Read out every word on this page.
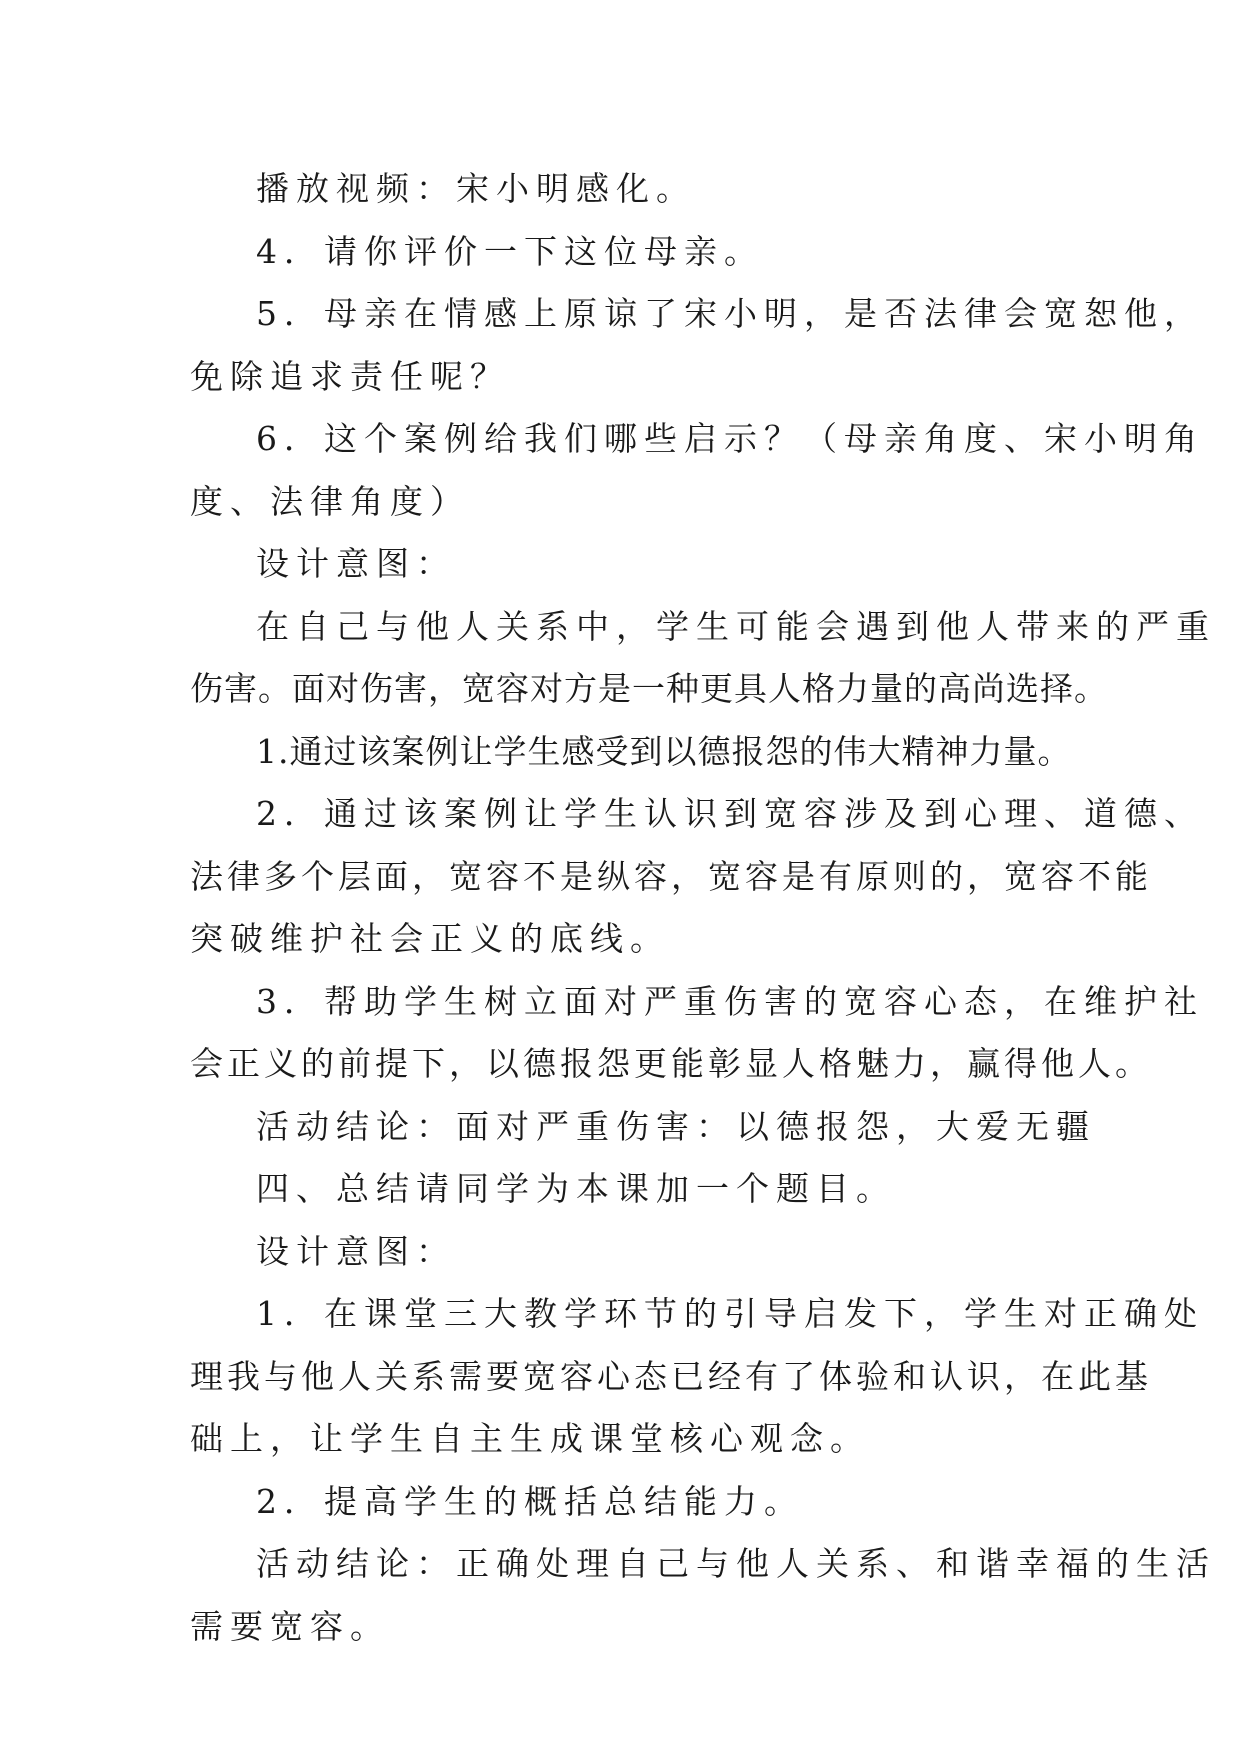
播放视频：宋小明感化。
4．请你评价一下这位母亲。
5．母亲在情感上原谅了宋小明，是否法律会宽恕他，
免除追求责任呢？
6．这个案例给我们哪些启示？（母亲角度、宋小明角
度、法律角度）
设计意图：
在自己与他人关系中，学生可能会遇到他人带来的严重
伤害。面对伤害，宽容对方是一种更具人格力量的高尚选择。
1.通过该案例让学生感受到以德报怨的伟大精神力量。
2．通过该案例让学生认识到宽容涉及到心理、道德、
法律多个层面，宽容不是纵容，宽容是有原则的，宽容不能
突破维护社会正义的底线。
3．帮助学生树立面对严重伤害的宽容心态，在维护社
会正义的前提下，以德报怨更能彰显人格魅力，赢得他人。
活动结论：面对严重伤害：以德报怨，大爱无疆
四、总结请同学为本课加一个题目。
设计意图：
1．在课堂三大教学环节的引导启发下，学生对正确处
理我与他人关系需要宽容心态已经有了体验和认识，在此基
础上，让学生自主生成课堂核心观念。
2．提高学生的概括总结能力。
活动结论：正确处理自己与他人关系、和谐幸福的生活
需要宽容。
